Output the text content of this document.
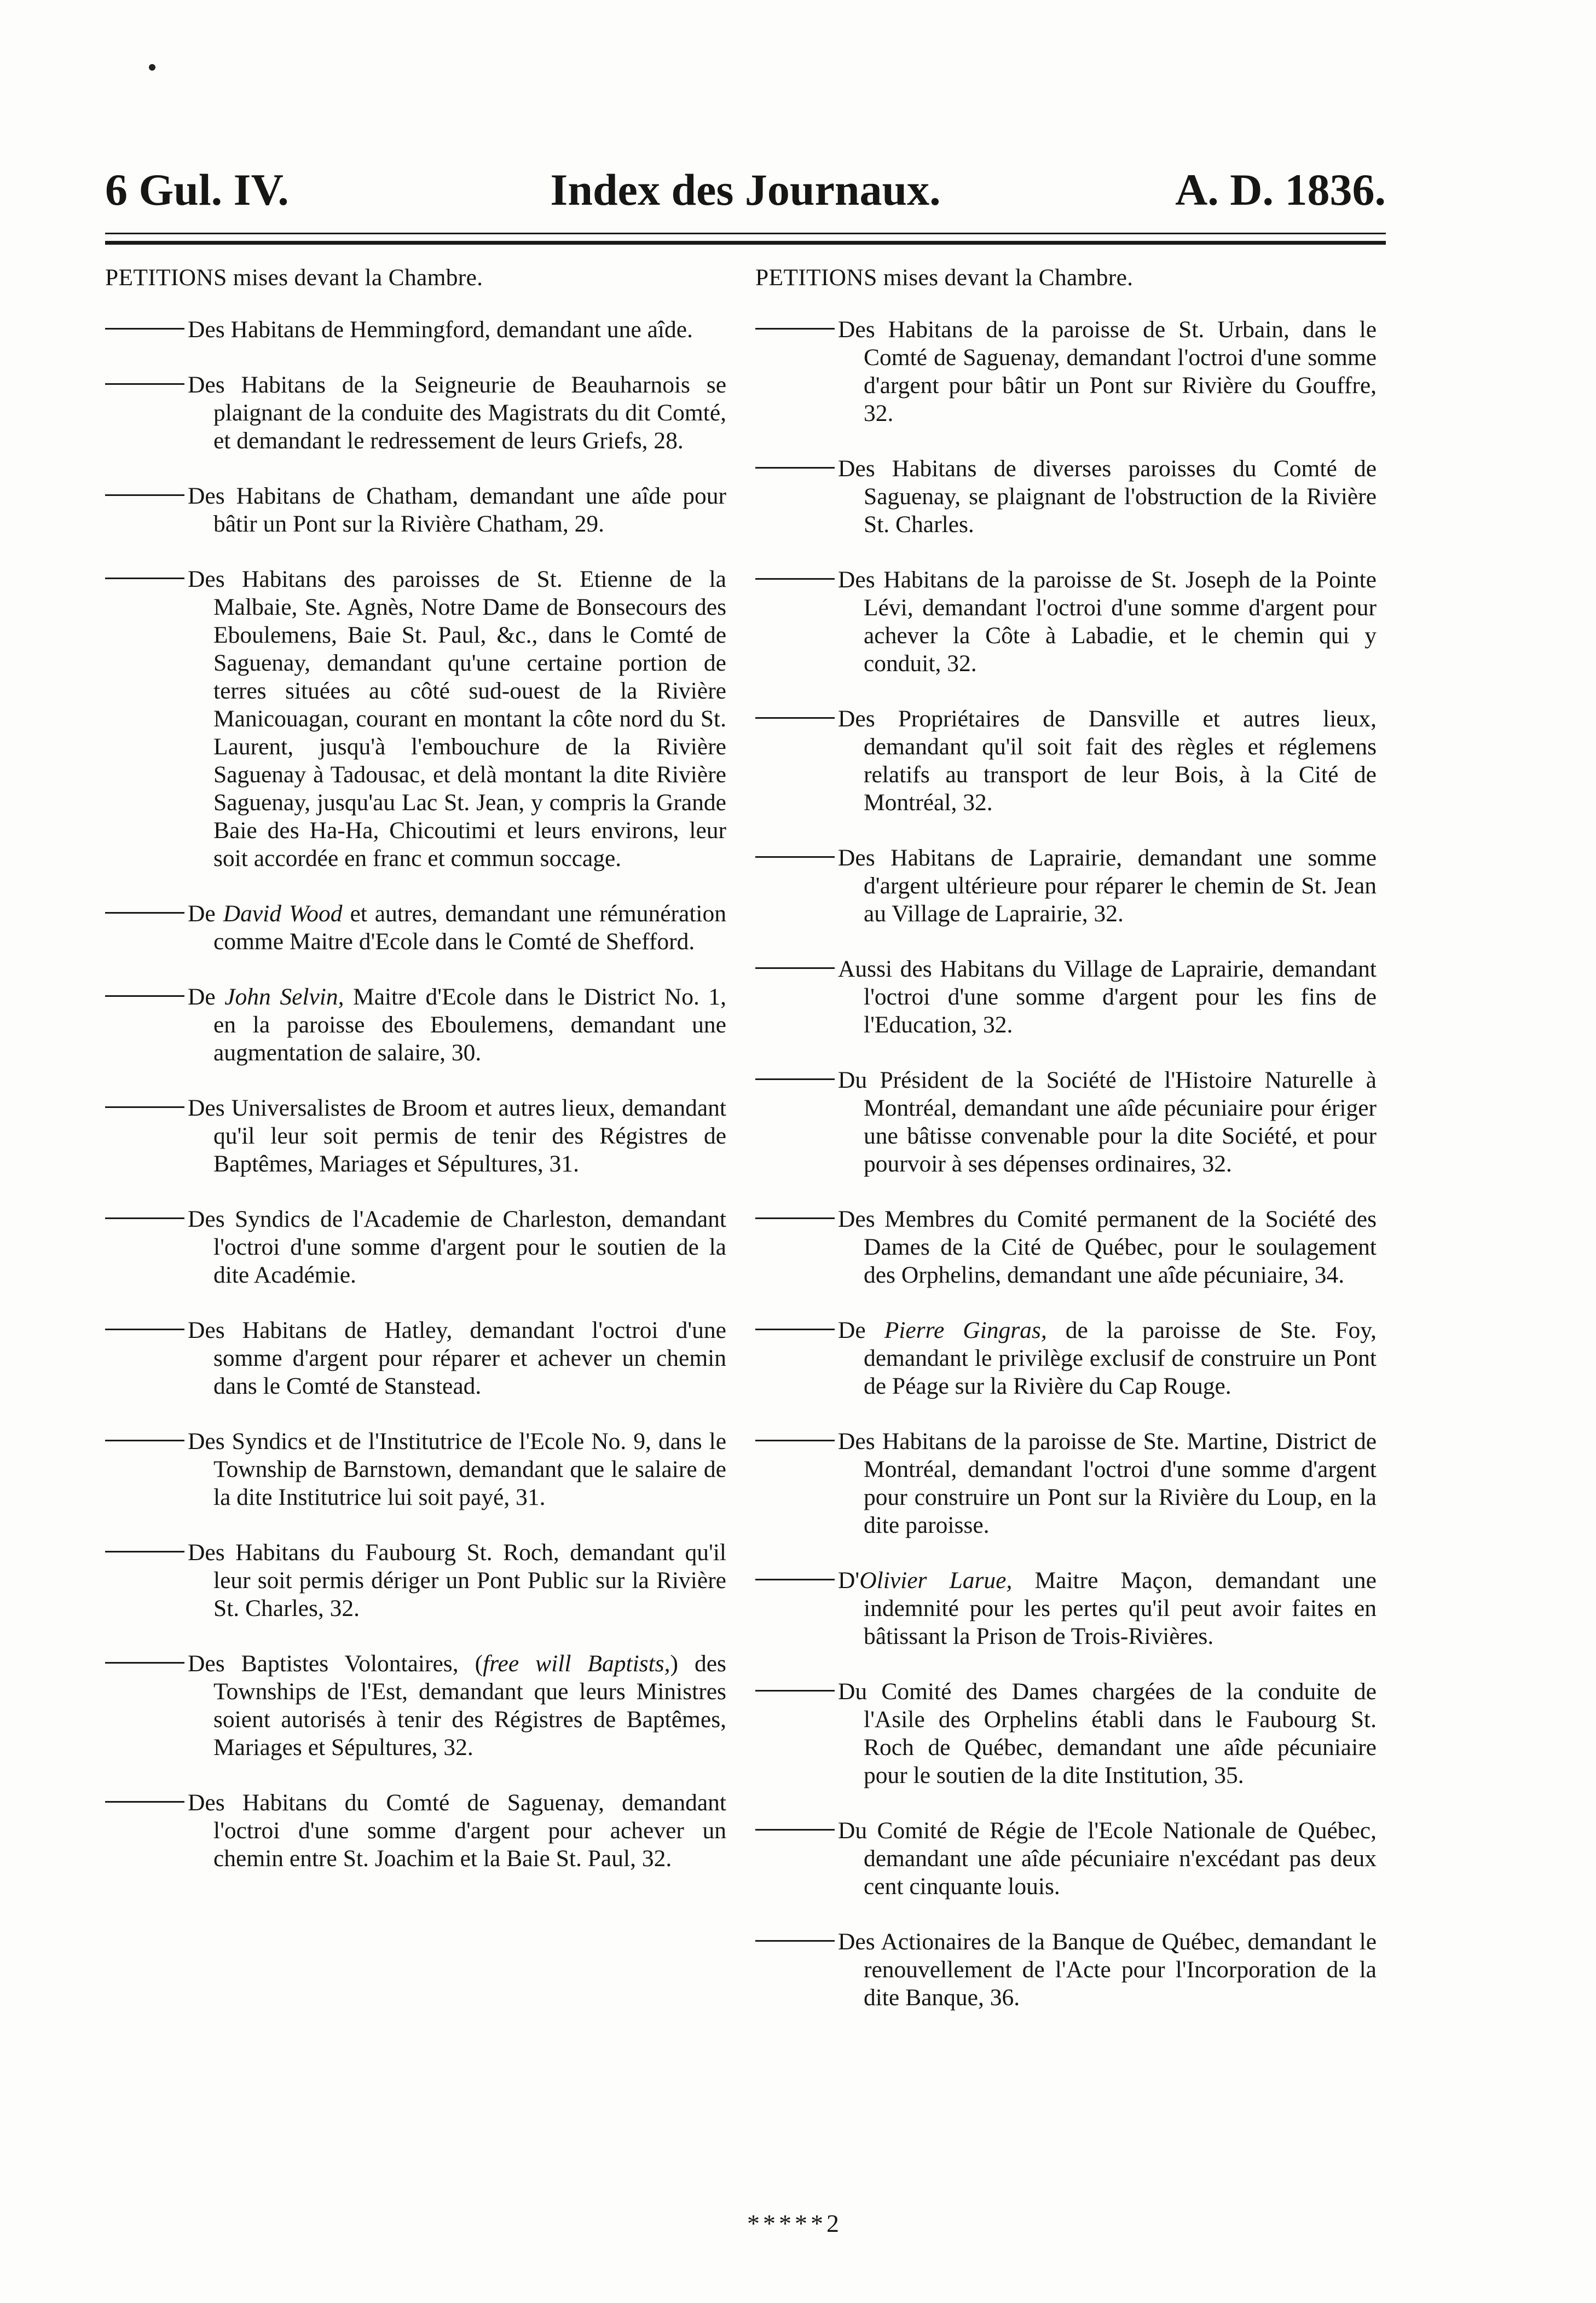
6 Gul. IV.	Index des Journaux.	A. D. 1836.
PETITIONS mises devant la Chambre.

Des Habitans de Hemmingford, demandant une aîde.

Des Habitans de la Seigneurie de Beauharnois se plaignant de la conduite des Magistrats du dit Comté, et demandant le redressement de leurs Griefs, 28.

Des Habitans de Chatham, demandant une aîde pour bâtir un Pont sur la Rivière Chatham, 29.

Des Habitans des paroisses de St. Etienne de la Malbaie, Ste. Agnès, Notre Dame de Bonsecours des Eboulemens, Baie St. Paul, &c., dans le Comté de Saguenay, demandant qu'une certaine portion de terres situées au côté sud-ouest de la Rivière Manicouagan, courant en montant la côte nord du St. Laurent, jusqu'à l'embouchure de la Rivière Saguenay à Tadousac, et delà montant la dite Rivière Saguenay, jusqu'au Lac St. Jean, y compris la Grande Baie des Ha-Ha, Chicoutimi et leurs environs, leur soit accordée en franc et commun soccage.

De David Wood et autres, demandant une rémunération comme Maitre d'Ecole dans le Comté de Shefford.

De John Selvin, Maitre d'Ecole dans le District No. 1, en la paroisse des Eboulemens, demandant une augmentation de salaire, 30.

Des Universalistes de Broom et autres lieux, demandant qu'il leur soit permis de tenir des Régistres de Baptêmes, Mariages et Sépultures, 31.

Des Syndics de l'Academie de Charleston, demandant l'octroi d'une somme d'argent pour le soutien de la dite Académie.

Des Habitans de Hatley, demandant l'octroi d'une somme d'argent pour réparer et achever un chemin dans le Comté de Stanstead.

Des Syndics et de l'Institutrice de l'Ecole No. 9, dans le Township de Barnstown, demandant que le salaire de la dite Institutrice lui soit payé, 31.

Des Habitans du Faubourg St. Roch, demandant qu'il leur soit permis dériger un Pont Public sur la Rivière St. Charles, 32.

Des Baptistes Volontaires, (free will Baptists,) des Townships de l'Est, demandant que leurs Ministres soient autorisés à tenir des Régistres de Baptêmes, Mariages et Sépultures, 32.

Des Habitans du Comté de Saguenay, demandant l'octroi d'une somme d'argent pour achever un chemin entre St. Joachim et la Baie St. Paul, 32.

PETITIONS mises devant la Chambre.

Des Habitans de la paroisse de St. Urbain, dans le Comté de Saguenay, demandant l'octroi d'une somme d'argent pour bâtir un Pont sur Rivière du Gouffre, 32.

Des Habitans de diverses paroisses du Comté de Saguenay, se plaignant de l'obstruction de la Rivière St. Charles.

Des Habitans de la paroisse de St. Joseph de la Pointe Lévi, demandant l'octroi d'une somme d'argent pour achever la Côte à Labadie, et le chemin qui y conduit, 32.

Des Propriétaires de Dansville et autres lieux, demandant qu'il soit fait des règles et réglemens relatifs au transport de leur Bois, à la Cité de Montréal, 32.

Des Habitans de Laprairie, demandant une somme d'argent ultérieure pour réparer le chemin de St. Jean au Village de Laprairie, 32.

Aussi des Habitans du Village de Laprairie, demandant l'octroi d'une somme d'argent pour les fins de l'Education, 32.

Du Président de la Société de l'Histoire Naturelle à Montréal, demandant une aîde pécuniaire pour ériger une bâtisse convenable pour la dite Société, et pour pourvoir à ses dépenses ordinaires, 32.

Des Membres du Comité permanent de la Société des Dames de la Cité de Québec, pour le soulagement des Orphelins, demandant une aîde pécuniaire, 34.

De Pierre Gingras, de la paroisse de Ste. Foy, demandant le privilège exclusif de construire un Pont de Péage sur la Rivière du Cap Rouge.

Des Habitans de la paroisse de Ste. Martine, District de Montréal, demandant l'octroi d'une somme d'argent pour construire un Pont sur la Rivière du Loup, en la dite paroisse.

D'Olivier Larue, Maitre Maçon, demandant une indemnité pour les pertes qu'il peut avoir faites en bâtissant la Prison de Trois-Rivières.

Du Comité des Dames chargées de la conduite de l'Asile des Orphelins établi dans le Faubourg St. Roch de Québec, demandant une aîde pécuniaire pour le soutien de la dite Institution, 35.

Du Comité de Régie de l'Ecole Nationale de Québec, demandant une aîde pécuniaire n'excédant pas deux cent cinquante louis.

Des Actionaires de la Banque de Québec, demandant le renouvellement de l'Acte pour l'Incorporation de la dite Banque, 36.

*****2
